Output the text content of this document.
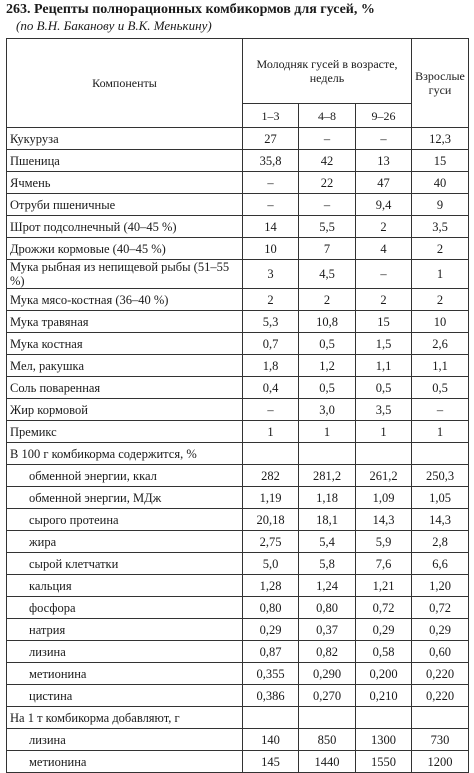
263. Рецепты полнорационных комбикормов для гусей, %

(по В.Н. Баканову и В.К. Менькину)

Компоненты	Молодняк гусей в возрасте, недель			Взрослые гуси
	1–3	4–8	9–26	
Кукуруза	27	–	–	12,3
Пшеница	35,8	42	13	15
Ячмень	–	22	47	40
Отруби пшеничные	–	–	9,4	9
Шрот подсолнечный (40–45 %)	14	5,5	2	3,5
Дрожжи кормовые (40–45 %)	10	7	4	2
Мука рыбная из непищевой рыбы (51–55 %)	3	4,5	–	1
Мука мясо-костная (36–40 %)	2	2	2	2
Мука травяная	5,3	10,8	15	10
Мука костная	0,7	0,5	1,5	2,6
Мел, ракушка	1,8	1,2	1,1	1,1
Соль поваренная	0,4	0,5	0,5	0,5
Жир кормовой	–	3,0	3,5	–
Премикс	1	1	1	1
В 100 г комбикорма содержится, %				
обменной энергии, ккал	282	281,2	261,2	250,3
обменной энергии, МДж	1,19	1,18	1,09	1,05
сырого протеина	20,18	18,1	14,3	14,3
жира	2,75	5,4	5,9	2,8
сырой клетчатки	5,0	5,8	7,6	6,6
кальция	1,28	1,24	1,21	1,20
фосфора	0,80	0,80	0,72	0,72
натрия	0,29	0,37	0,29	0,29
лизина	0,87	0,82	0,58	0,60
метионина	0,355	0,290	0,200	0,220
цистина	0,386	0,270	0,210	0,220
На 1 т комбикорма добавляют, г				
лизина	140	850	1300	730
метионина	145	1440	1550	1200
